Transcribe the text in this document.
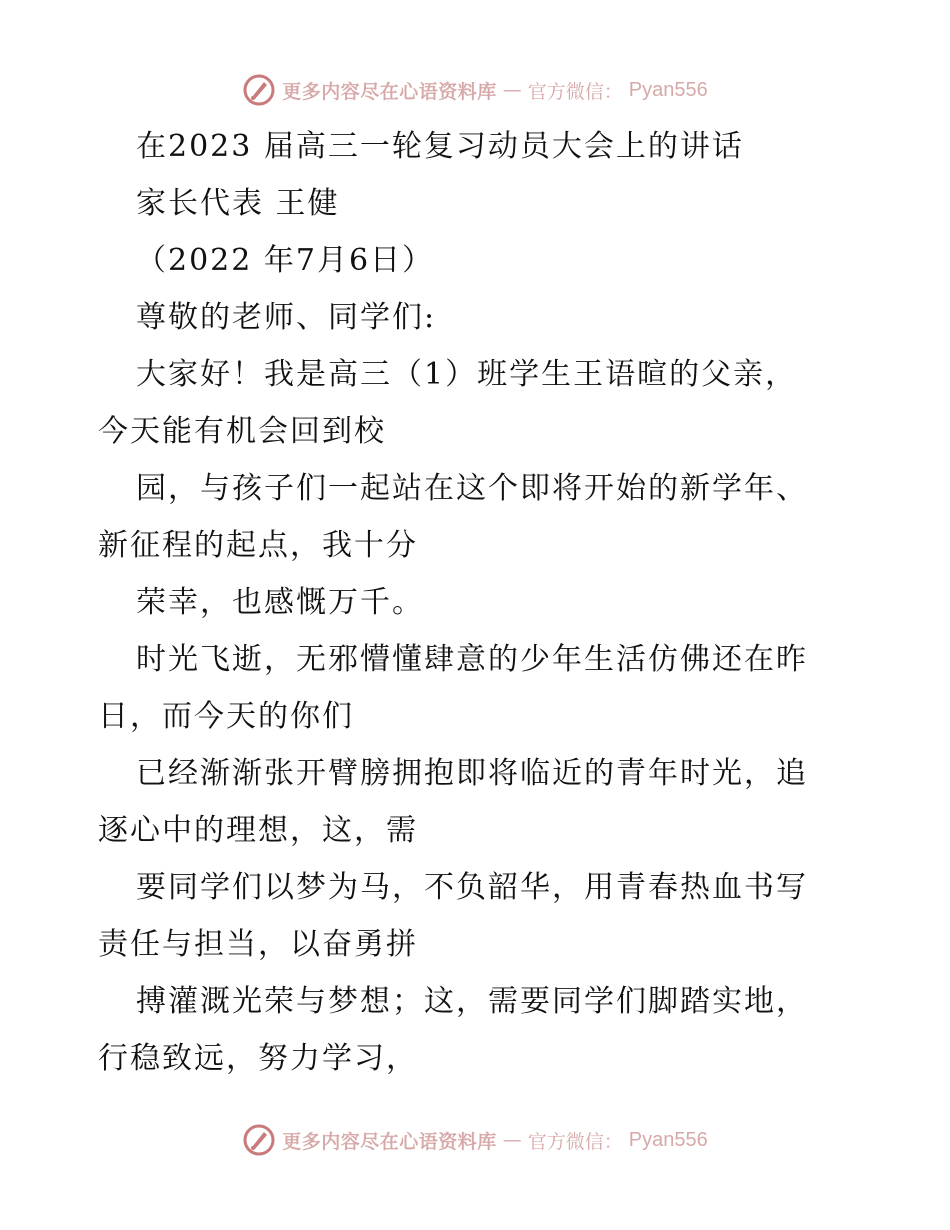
更多内容尽在心语资料库 — 官方微信： Pyan556
在2023 届高三一轮复习动员大会上的讲话
家长代表 王健
（2022 年7月6日）
尊敬的老师、同学们:
大家好！我是高三（1）班学生王语暄的父亲，
今天能有机会回到校
园，与孩子们一起站在这个即将开始的新学年、
新征程的起点，我十分
荣幸，也感慨万千。
时光飞逝，无邪懵懂肆意的少年生活仿佛还在昨
日，而今天的你们
已经渐渐张开臂膀拥抱即将临近的青年时光，追
逐心中的理想，这，需
要同学们以梦为马，不负韶华，用青春热血书写
责任与担当，以奋勇拼
搏灌溉光荣与梦想；这，需要同学们脚踏实地，
行稳致远，努力学习，
更多内容尽在心语资料库 — 官方微信： Pyan556
